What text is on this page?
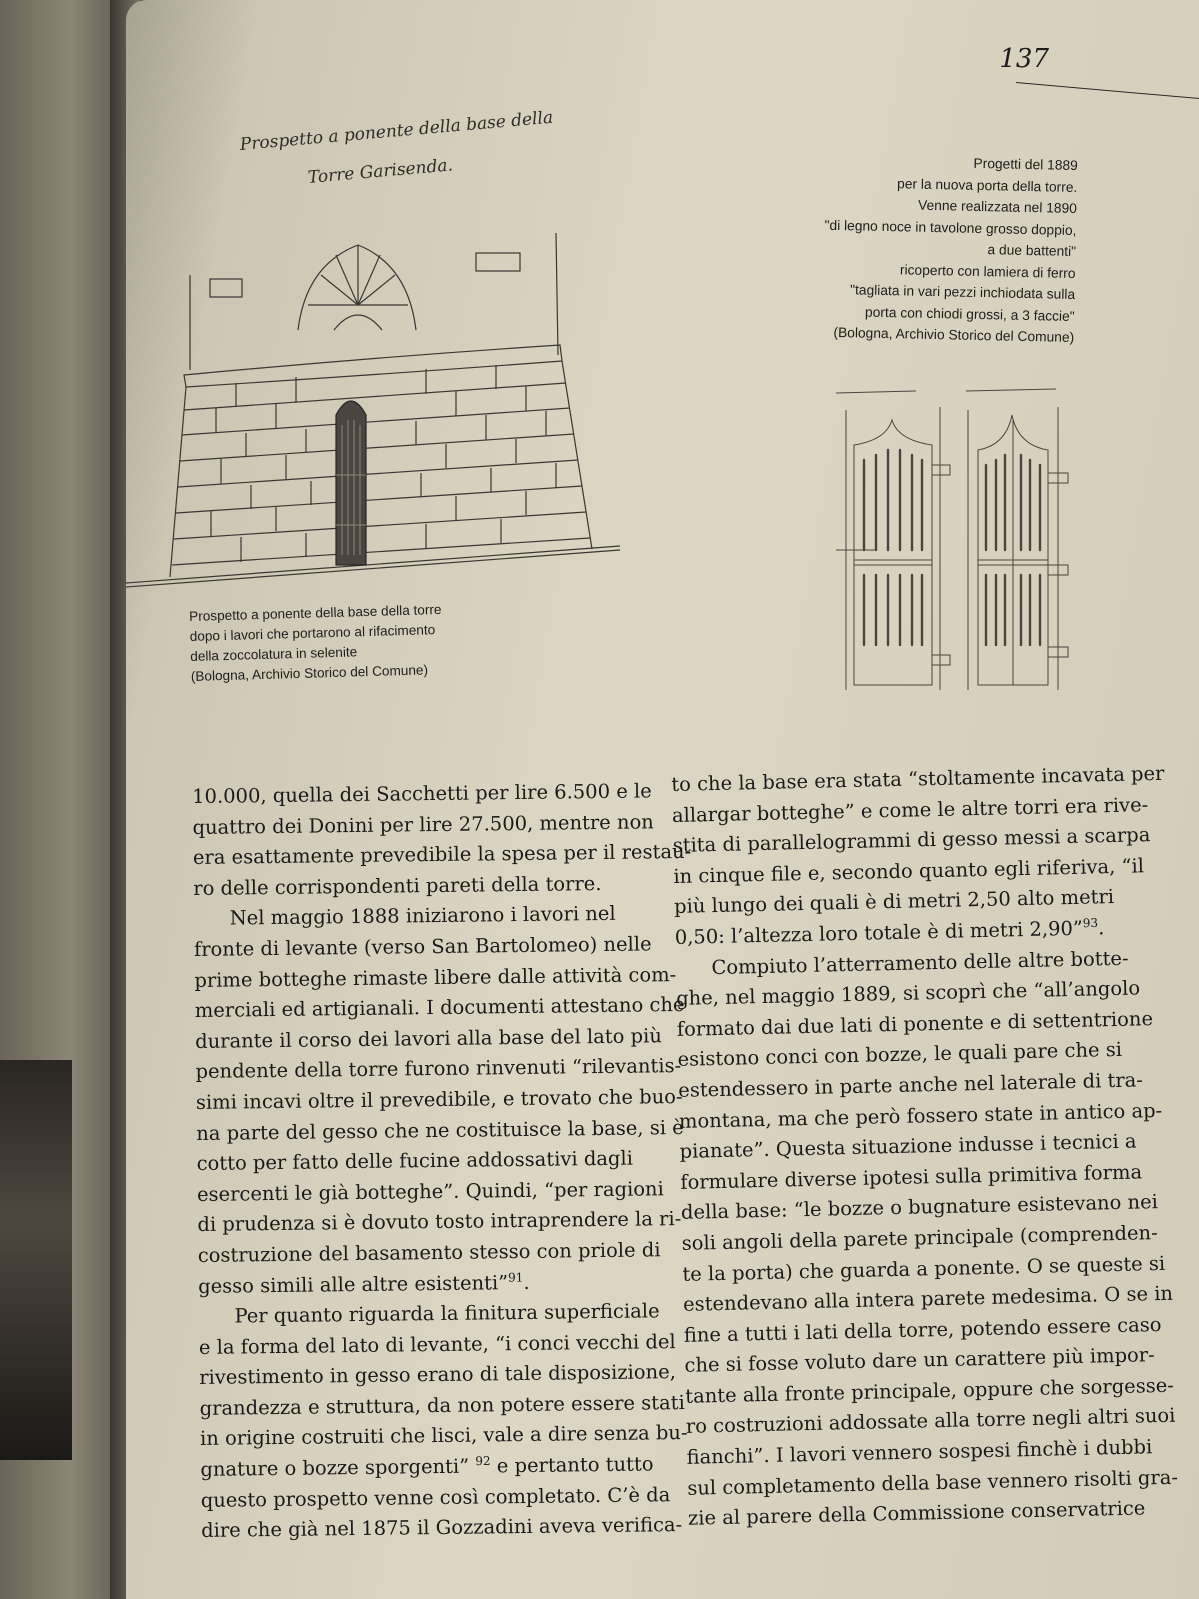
137
Prospetto a ponente della base della
Torre Garisenda.
Prospetto a ponente della base della torre
dopo i lavori che portarono al rifacimento
della zoccolatura in selenite
(Bologna, Archivio Storico del Comune)
Progetti del 1889
per la nuova porta della torre.
Venne realizzata nel 1890
"di legno noce in tavolone grosso doppio,
a due battenti"
ricoperto con lamiera di ferro
"tagliata in vari pezzi inchiodata sulla
porta con chiodi grossi, a 3 faccie"
(Bologna, Archivio Storico del Comune)
10.000, quella dei Sacchetti per lire 6.500 e le
quattro dei Donini per lire 27.500, mentre non
era esattamente prevedibile la spesa per il restau-
ro delle corrispondenti pareti della torre.
Nel maggio 1888 iniziarono i lavori nel
fronte di levante (verso San Bartolomeo) nelle
prime botteghe rimaste libere dalle attività com-
merciali ed artigianali. I documenti attestano che
durante il corso dei lavori alla base del lato più
pendente della torre furono rinvenuti “rilevantis-
simi incavi oltre il prevedibile, e trovato che buo-
na parte del gesso che ne costituisce la base, si è
cotto per fatto delle fucine addossativi dagli
esercenti le già botteghe”. Quindi, “per ragioni
di prudenza si è dovuto tosto intraprendere la ri-
costruzione del basamento stesso con priole di
gesso simili alle altre esistenti”$^{91}$.
Per quanto riguarda la finitura superficiale
e la forma del lato di levante, “i conci vecchi del
rivestimento in gesso erano di tale disposizione,
grandezza e struttura, da non potere essere stati
in origine costruiti che lisci, vale a dire senza bu-
gnature o bozze sporgenti” $^{92}$ e pertanto tutto
questo prospetto venne così completato. C’è da
dire che già nel 1875 il Gozzadini aveva verifica-
to che la base era stata “stoltamente incavata per
allargar botteghe” e come le altre torri era rive-
stita di parallelogrammi di gesso messi a scarpa
in cinque file e, secondo quanto egli riferiva, “il
più lungo dei quali è di metri 2,50 alto metri
0,50: l’altezza loro totale è di metri 2,90”$^{93}$.
Compiuto l’atterramento delle altre botte-
ghe, nel maggio 1889, si scoprì che “all’angolo
formato dai due lati di ponente e di settentrione
esistono conci con bozze, le quali pare che si
estendessero in parte anche nel laterale di tra-
montana, ma che però fossero state in antico ap-
pianate”. Questa situazione indusse i tecnici a
formulare diverse ipotesi sulla primitiva forma
della base: “le bozze o bugnature esistevano nei
soli angoli della parete principale (comprenden-
te la porta) che guarda a ponente. O se queste si
estendevano alla intera parete medesima. O se in
fine a tutti i lati della torre, potendo essere caso
che si fosse voluto dare un carattere più impor-
tante alla fronte principale, oppure che sorgesse-
ro costruzioni addossate alla torre negli altri suoi
fianchi”. I lavori vennero sospesi finchè i dubbi
sul completamento della base vennero risolti gra-
zie al parere della Commissione conservatrice
